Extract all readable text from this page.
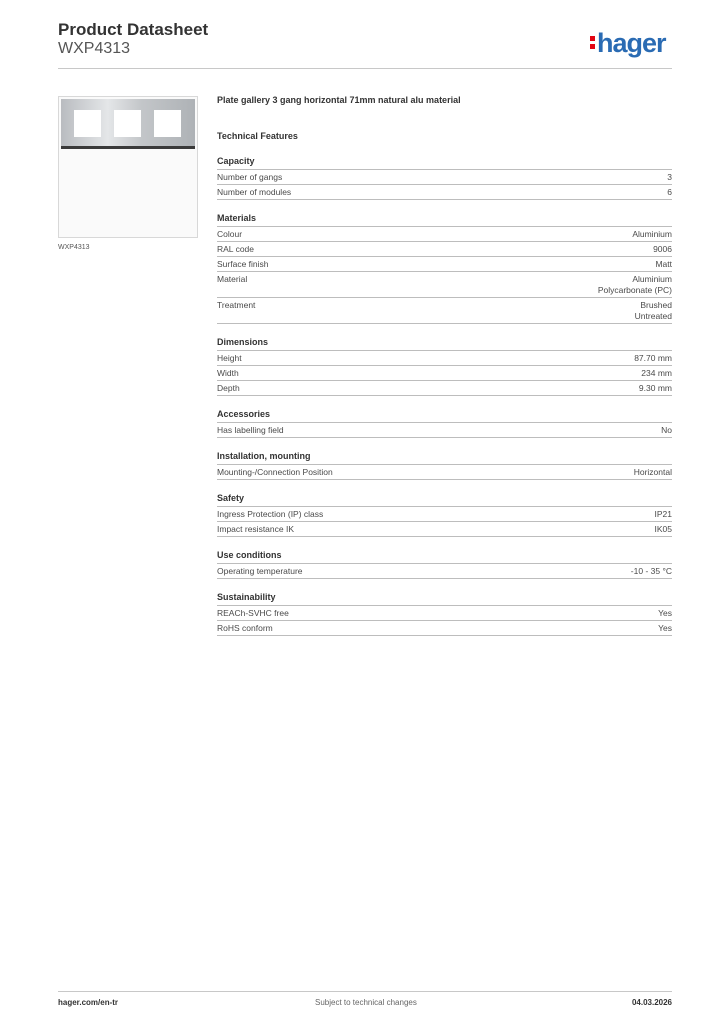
Product Datasheet
WXP4313	hager
WXP4313
Plate gallery 3 gang horizontal 71mm natural alu material
Technical Features
Capacity
Number of gangs	3
Number of modules	6
Materials
Colour	Aluminium
RAL code	9006
Surface finish	Matt
Material	Aluminium
Polycarbonate (PC)
Treatment	Brushed
Untreated
Dimensions
Height	87.70 mm
Width	234 mm
Depth	9.30 mm
Accessories
Has labelling field	No
Installation, mounting
Mounting-/Connection Position	Horizontal
Safety
Ingress Protection (IP) class	IP21
Impact resistance IK	IK05
Use conditions
Operating temperature	-10 - 35 °C
Sustainability
REACh-SVHC free	Yes
RoHS conform	Yes
hager.com/en-tr	Subject to technical changes	04.03.2026
